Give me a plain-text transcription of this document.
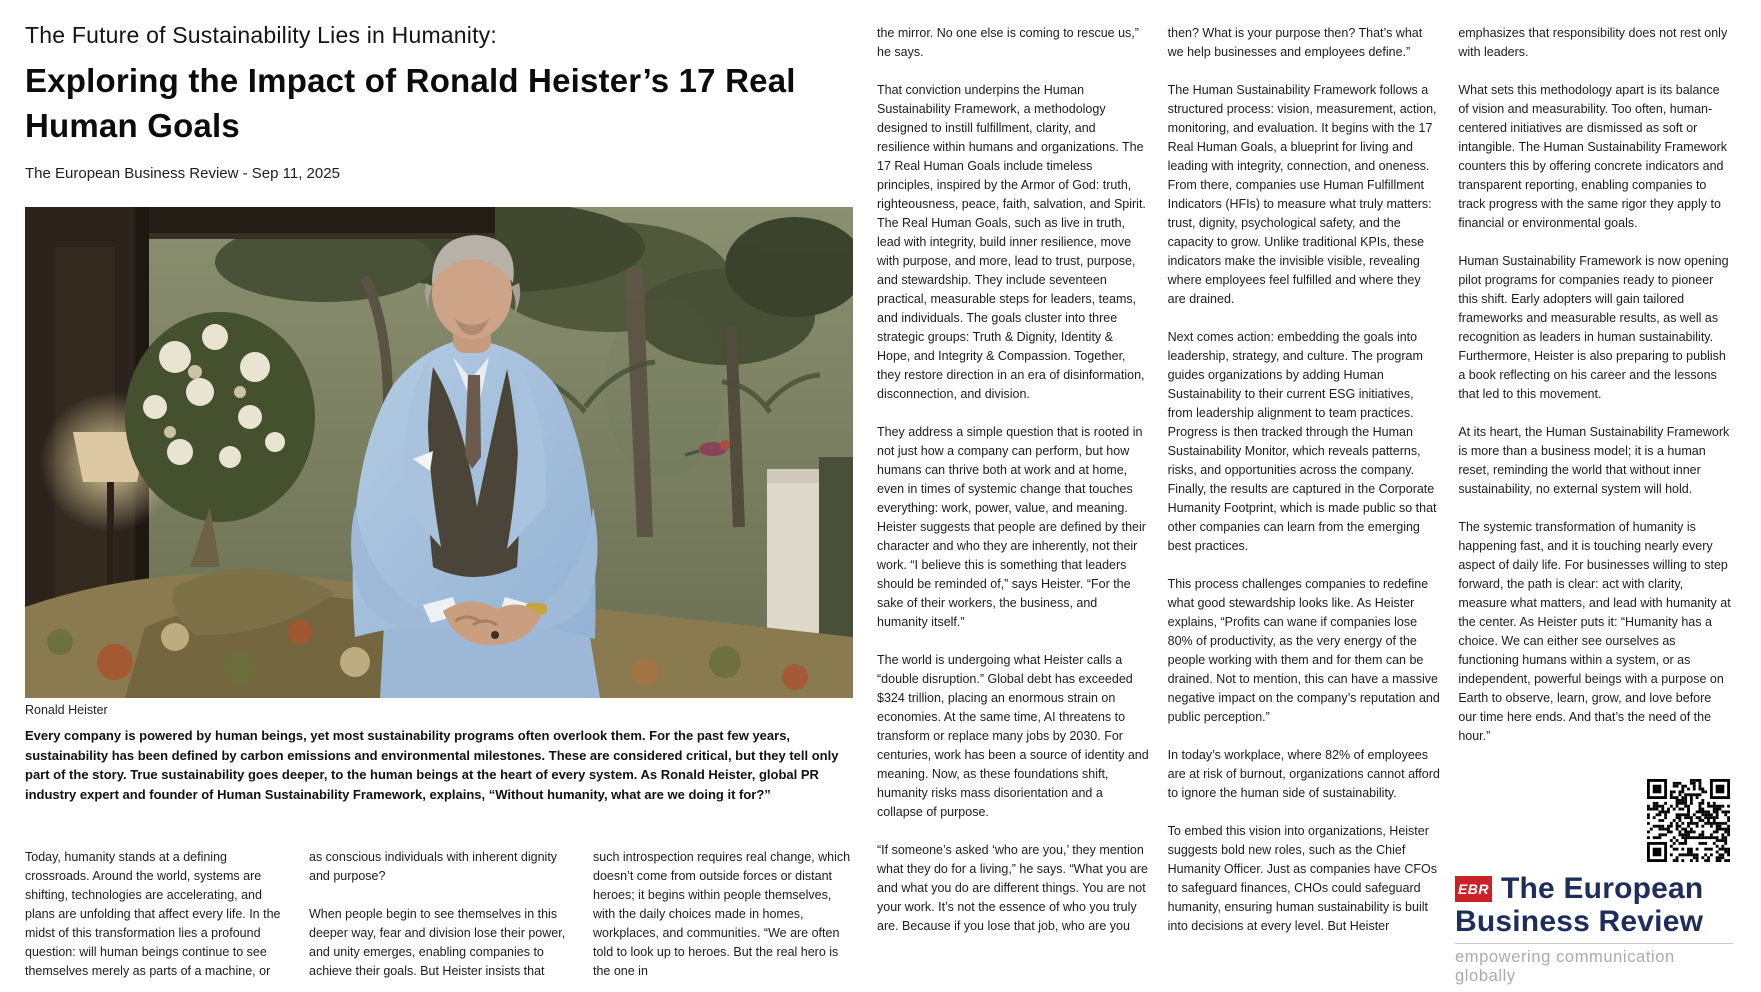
The Future of Sustainability Lies in Humanity:
Exploring the Impact of Ronald Heister’s 17 Real Human Goals
The European Business Review - Sep 11, 2025
Ronald Heister
Every company is powered by human beings, yet most sustainability programs often overlook them. For the past few years, sustainability has been defined by carbon emissions and environmental milestones. These are considered critical, but they tell only part of the story. True sustainability goes deeper, to the human beings at the heart of every system. As Ronald Heister, global PR industry expert and founder of Human Sustainability Framework, explains, “Without humanity, what are we doing it for?”

Today, humanity stands at a defining crossroads. Around the world, systems are shifting, technologies are accelerating, and plans are unfolding that affect every life. In the midst of this transformation lies a profound question: will human beings continue to see themselves merely as parts of a machine, or as conscious individuals with inherent dignity and purpose?

When people begin to see themselves in this deeper way, fear and division lose their power, and unity emerges, enabling companies to achieve their goals. But Heister insists that such introspection requires real change, which doesn’t come from outside forces or distant heroes; it begins within people themselves, with the daily choices made in homes, workplaces, and communities. “We are often told to look up to heroes. But the real hero is the one in

the mirror. No one else is coming to rescue us,” he says.

That conviction underpins the Human Sustainability Framework, a methodology designed to instill fulfillment, clarity, and resilience within humans and organizations. The 17 Real Human Goals include timeless principles, inspired by the Armor of God: truth, righteousness, peace, faith, salvation, and Spirit. The Real Human Goals, such as live in truth, lead with integrity, build inner resilience, move with purpose, and more, lead to trust, purpose, and stewardship. They include seventeen practical, measurable steps for leaders, teams, and individuals. The goals cluster into three strategic groups: Truth & Dignity, Identity & Hope, and Integrity & Compassion. Together, they restore direction in an era of disinformation, disconnection, and division.

They address a simple question that is rooted in not just how a company can perform, but how humans can thrive both at work and at home, even in times of systemic change that touches everything: work, power, value, and meaning. Heister suggests that people are defined by their character and who they are inherently, not their work. “I believe this is something that leaders should be reminded of,” says Heister. “For the sake of their workers, the business, and humanity itself.”

The world is undergoing what Heister calls a “double disruption.” Global debt has exceeded $324 trillion, placing an enormous strain on economies. At the same time, AI threatens to transform or replace many jobs by 2030. For centuries, work has been a source of identity and meaning. Now, as these foundations shift, humanity risks mass disorientation and a collapse of purpose.

“If someone’s asked ‘who are you,’ they mention what they do for a living,” he says. “What you are and what you do are different things. You are not your work. It’s not the essence of who you truly are. Because if you lose that job, who are you then? What is your purpose then? That’s what we help businesses and employees define.”

The Human Sustainability Framework follows a structured process: vision, measurement, action, monitoring, and evaluation. It begins with the 17 Real Human Goals, a blueprint for living and leading with integrity, connection, and oneness. From there, companies use Human Fulfillment Indicators (HFIs) to measure what truly matters: trust, dignity, psychological safety, and the capacity to grow. Unlike traditional KPIs, these indicators make the invisible visible, revealing where employees feel fulfilled and where they are drained.

Next comes action: embedding the goals into leadership, strategy, and culture. The program guides organizations by adding Human Sustainability to their current ESG initiatives, from leadership alignment to team practices. Progress is then tracked through the Human Sustainability Monitor, which reveals patterns, risks, and opportunities across the company. Finally, the results are captured in the Corporate Humanity Footprint, which is made public so that other companies can learn from the emerging best practices.

This process challenges companies to redefine what good stewardship looks like. As Heister explains, “Profits can wane if companies lose 80% of productivity, as the very energy of the people working with them and for them can be drained. Not to mention, this can have a massive negative impact on the company’s reputation and public perception.”

In today’s workplace, where 82% of employees are at risk of burnout, organizations cannot afford to ignore the human side of sustainability.

To embed this vision into organizations, Heister suggests bold new roles, such as the Chief Humanity Officer. Just as companies have CFOs to safeguard finances, CHOs could safeguard humanity, ensuring human sustainability is built into decisions at every level. But Heister emphasizes that responsibility does not rest only with leaders.

What sets this methodology apart is its balance of vision and measurability. Too often, human-centered initiatives are dismissed as soft or intangible. The Human Sustainability Framework counters this by offering concrete indicators and transparent reporting, enabling companies to track progress with the same rigor they apply to financial or environmental goals.

Human Sustainability Framework is now opening pilot programs for companies ready to pioneer this shift. Early adopters will gain tailored frameworks and measurable results, as well as recognition as leaders in human sustainability. Furthermore, Heister is also preparing to publish a book reflecting on his career and the lessons that led to this movement.

At its heart, the Human Sustainability Framework is more than a business model; it is a human reset, reminding the world that without inner sustainability, no external system will hold.

The systemic transformation of humanity is happening fast, and it is touching nearly every aspect of daily life. For businesses willing to step forward, the path is clear: act with clarity, measure what matters, and lead with humanity at the center. As Heister puts it: “Humanity has a choice. We can either see ourselves as functioning humans within a system, or as independent, powerful beings with a purpose on Earth to observe, learn, grow, and love before our time here ends. And that’s the need of the hour.”

EBR The European
Business Review
empowering communication globally
